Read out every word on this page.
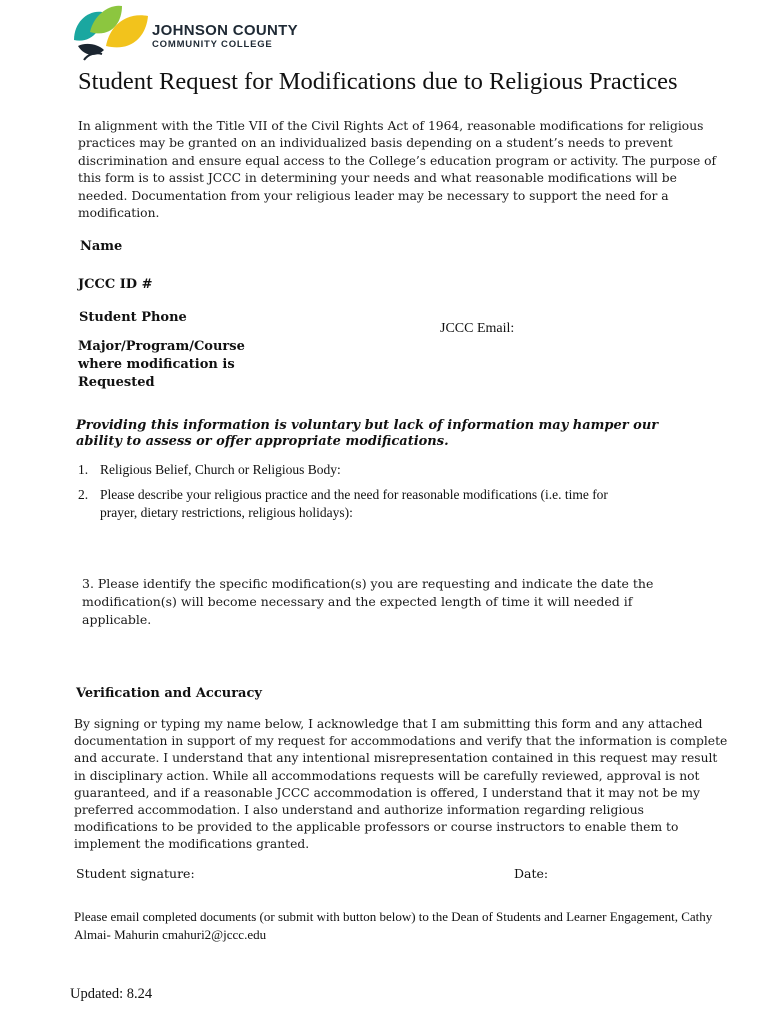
JOHNSON COUNTY
COMMUNITY COLLEGE
Student Request for Modifications due to Religious Practices
In alignment with the Title VII of the Civil Rights Act of 1964, reasonable modifications for religious practices may be granted on an individualized basis depending on a student’s needs to prevent discrimination and ensure equal access to the College’s education program or activity. The purpose of this form is to assist JCCC in determining your needs and what reasonable modifications will be needed. Documentation from your religious leader may be necessary to support the need for a modification.
Name
JCCC ID #
Student Phone
JCCC Email:
Major/Program/Course where modification is Requested
Providing this information is voluntary but lack of information may hamper our ability to assess or offer appropriate modifications.
1. Religious Belief, Church or Religious Body:
2. Please describe your religious practice and the need for reasonable modifications (i.e. time for prayer, dietary restrictions, religious holidays):
3. Please identify the specific modification(s) you are requesting and indicate the date the modification(s) will become necessary and the expected length of time it will needed if applicable.
Verification and Accuracy
By signing or typing my name below, I acknowledge that I am submitting this form and any attached documentation in support of my request for accommodations and verify that the information is complete and accurate. I understand that any intentional misrepresentation contained in this request may result in disciplinary action. While all accommodations requests will be carefully reviewed, approval is not guaranteed, and if a reasonable JCCC accommodation is offered, I understand that it may not be my preferred accommodation. I also understand and authorize information regarding religious modifications to be provided to the applicable professors or course instructors to enable them to implement the modifications granted.
Student signature:	Date:
Please email completed documents (or submit with button below) to the Dean of Students and Learner Engagement, Cathy Almai- Mahurin cmahuri2@jccc.edu
Updated: 8.24
